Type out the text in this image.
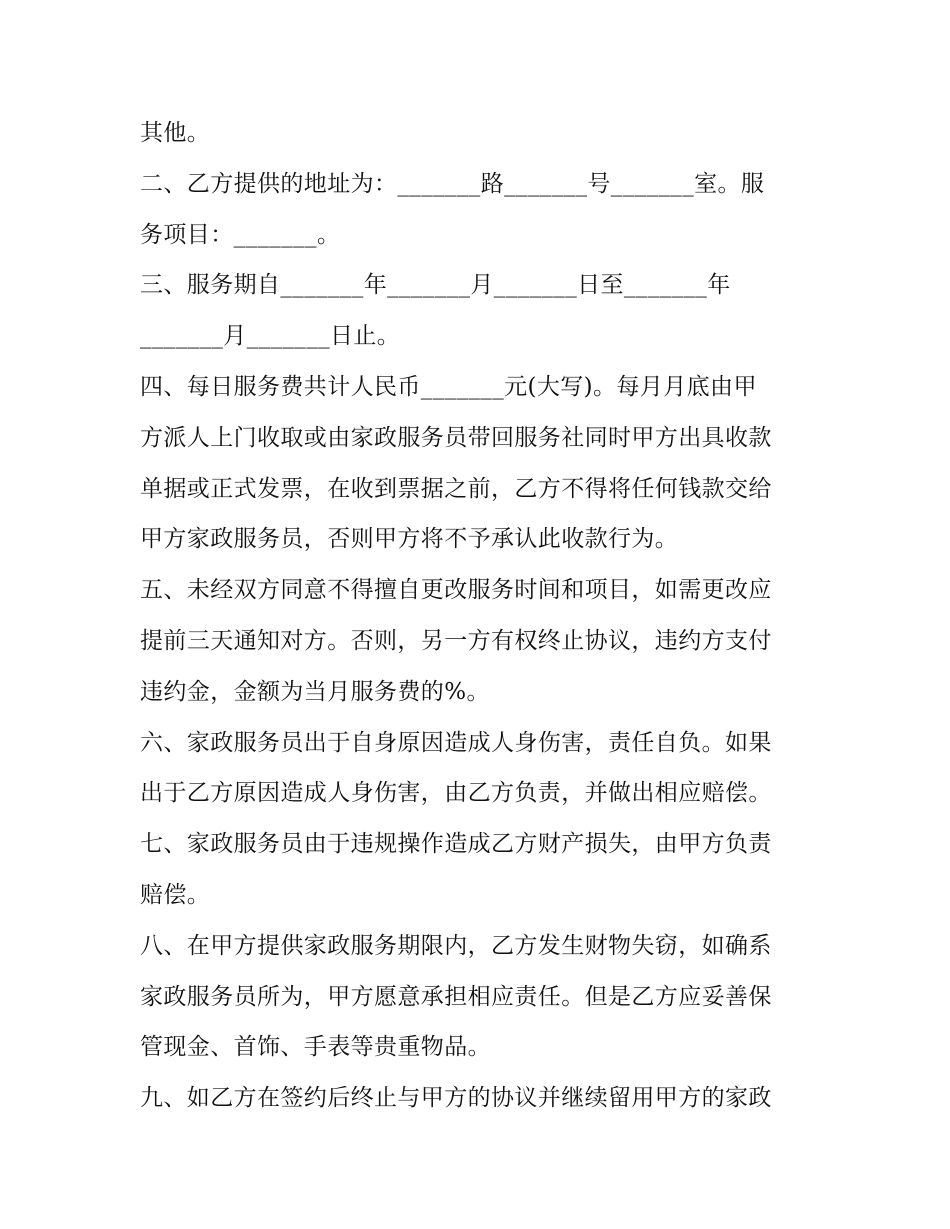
其他。
二、乙方提供的地址为：_______路_______号_______室。服
务项目：_______。
三、服务期自_______年_______月_______日至_______年
_______月_______日止。
四、每日服务费共计人民币_______元(大写)。每月月底由甲
方派人上门收取或由家政服务员带回服务社同时甲方出具收款
单据或正式发票，在收到票据之前，乙方不得将任何钱款交给
甲方家政服务员，否则甲方将不予承认此收款行为。
五、未经双方同意不得擅自更改服务时间和项目，如需更改应
提前三天通知对方。否则，另一方有权终止协议，违约方支付
违约金，金额为当月服务费的%。
六、家政服务员出于自身原因造成人身伤害，责任自负。如果
出于乙方原因造成人身伤害，由乙方负责，并做出相应赔偿。
七、家政服务员由于违规操作造成乙方财产损失，由甲方负责
赔偿。
八、在甲方提供家政服务期限内，乙方发生财物失窃，如确系
家政服务员所为，甲方愿意承担相应责任。但是乙方应妥善保
管现金、首饰、手表等贵重物品。
九、如乙方在签约后终止与甲方的协议并继续留用甲方的家政
